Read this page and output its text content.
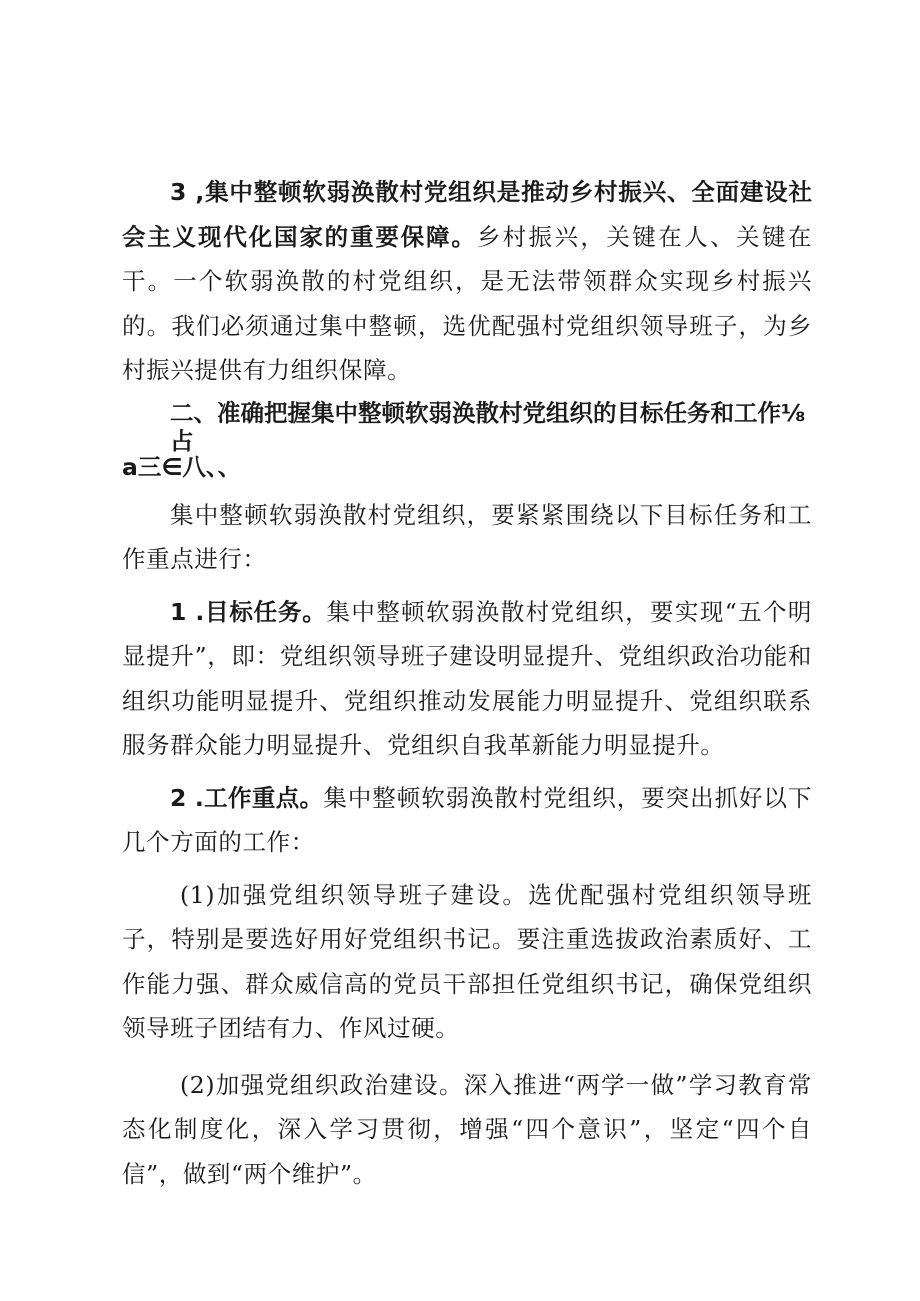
3 ,集中整顿软弱涣散村党组织是推动乡村振兴、全面建设社会主义现代化国家的重要保障。乡村振兴，关键在人、关键在干。一个软弱涣散的村党组织，是无法带领群众实现乡村振兴的。我们必须通过集中整顿，选优配强村党组织领导班子，为乡村振兴提供有力组织保障。

二、准确把握集中整顿软弱涣散村党组织的目标任务和工作⅛占
a三∈八、、

集中整顿软弱涣散村党组织，要紧紧围绕以下目标任务和工作重点进行：

1 .目标任务。集中整顿软弱涣散村党组织，要实现“五个明显提升”，即：党组织领导班子建设明显提升、党组织政治功能和组织功能明显提升、党组织推动发展能力明显提升、党组织联系服务群众能力明显提升、党组织自我革新能力明显提升。

2 .工作重点。集中整顿软弱涣散村党组织，要突出抓好以下几个方面的工作：

(1)加强党组织领导班子建设。选优配强村党组织领导班子，特别是要选好用好党组织书记。要注重选拔政治素质好、工作能力强、群众威信高的党员干部担任党组织书记，确保党组织领导班子团结有力、作风过硬。

(2)加强党组织政治建设。深入推进“两学一做”学习教育常态化制度化，深入学习贯彻，增强“四个意识”，坚定“四个自信”，做到“两个维护”。
